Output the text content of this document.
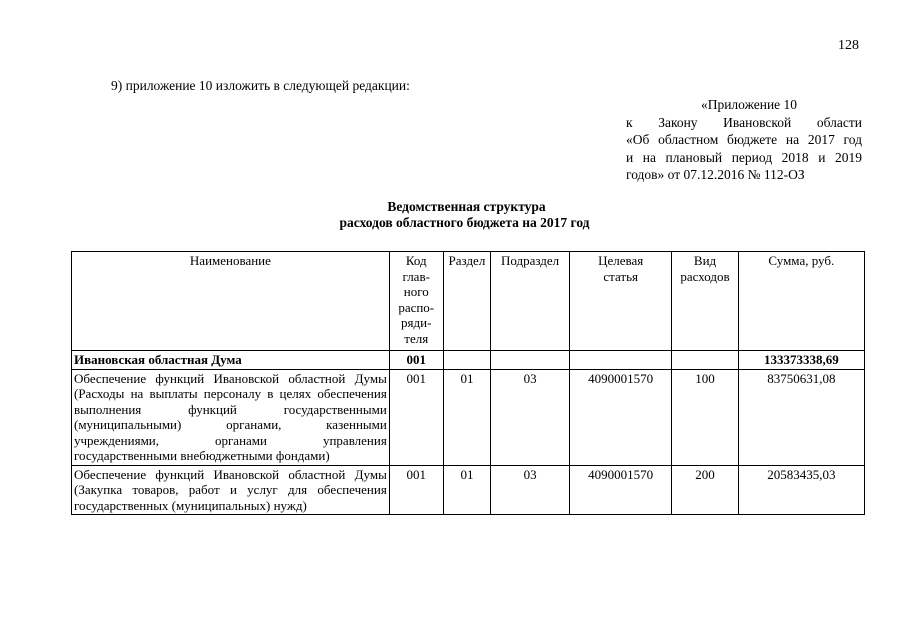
128
9) приложение 10 изложить в следующей редакции:
«Приложение 10
к Закону Ивановской области
«Об областном бюджете на 2017 год
и на плановый период 2018 и 2019
годов» от 07.12.2016 № 112-ОЗ
Ведомственная структура
расходов областного бюджета на 2017 год
Наименование	Код глав-ного распо-ряди-теля	Раздел	Подраздел	Целевая статья	Вид расходов	Сумма, руб.
Ивановская областная Дума	001					133373338,69
Обеспечение функций Ивановской областной Думы (Расходы на выплаты персоналу в целях обеспечения выполнения функций государственными (муниципальными) органами, казенными учреждениями, органами управления государственными внебюджетными фондами)	001	01	03	4090001570	100	83750631,08
Обеспечение функций Ивановской областной Думы (Закупка товаров, работ и услуг для обеспечения государственных (муниципальных) нужд)	001	01	03	4090001570	200	20583435,03
